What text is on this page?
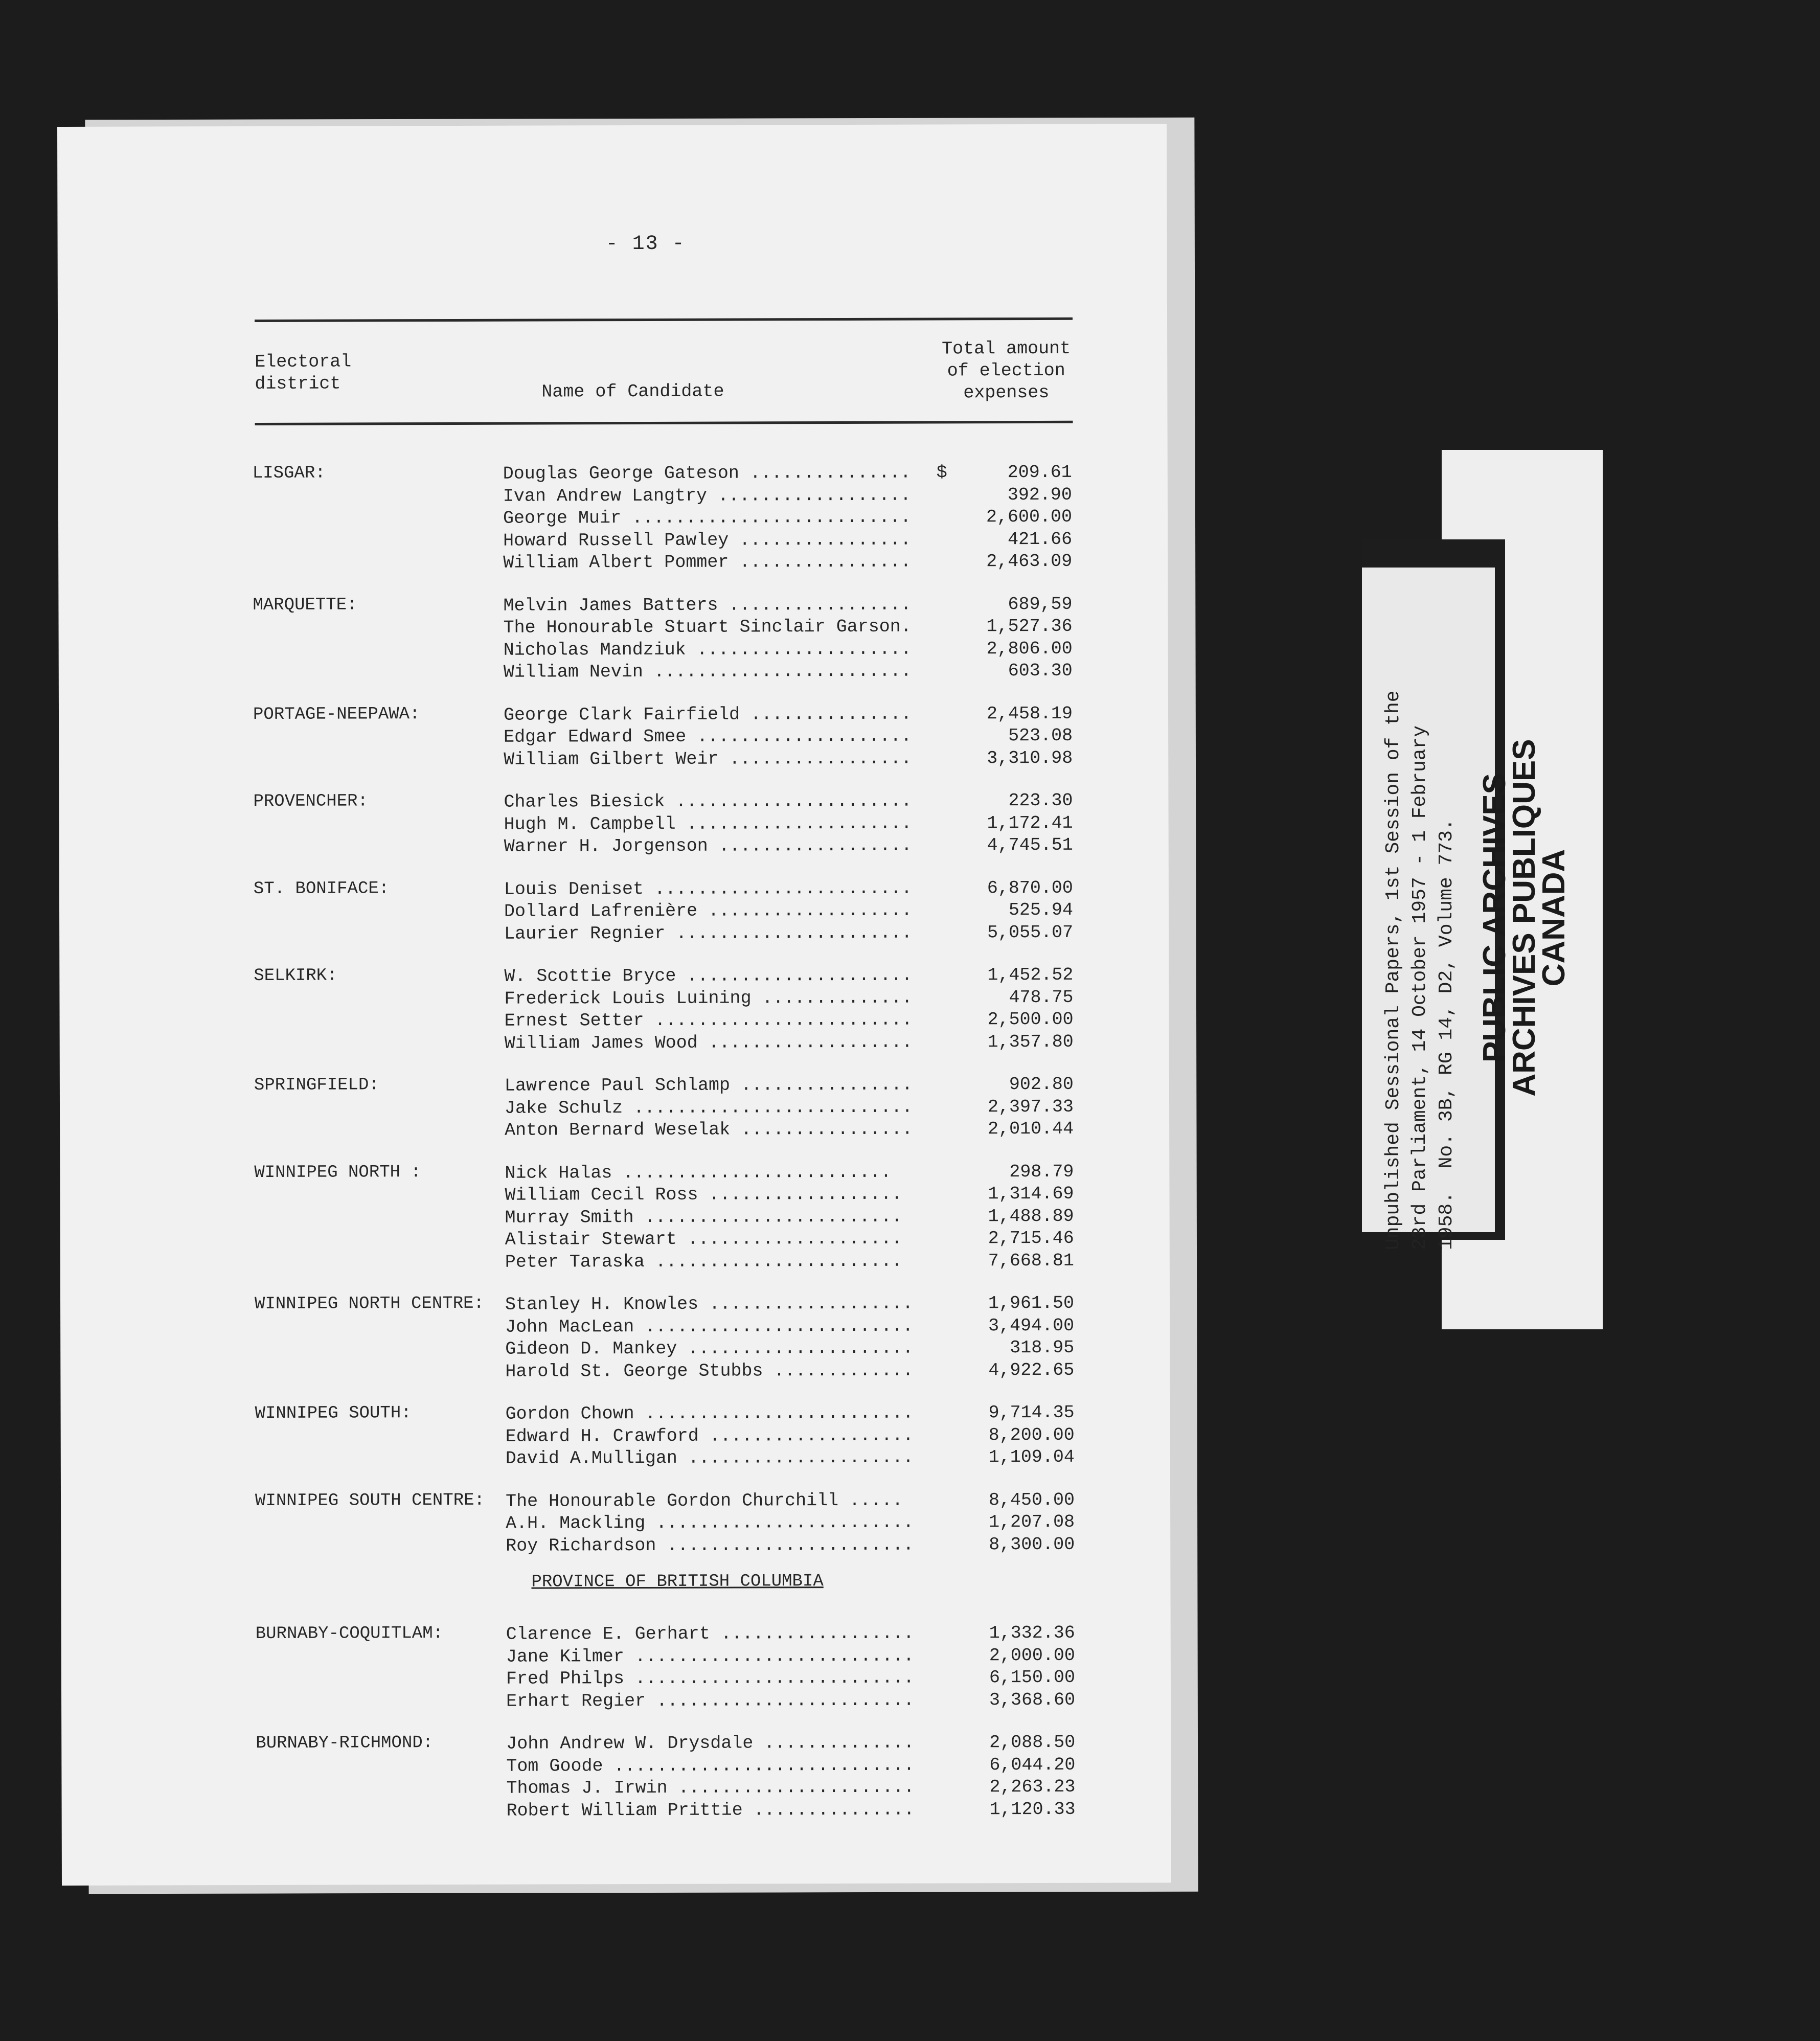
- 13 -
Electoral
district	Name of Candidate
Total amount
of election
expenses
LISGAR:	Douglas George Gateson ............... $	209.61
Ivan Andrew Langtry ..................	392.90
George Muir ..........................	2,600.00
Howard Russell Pawley ................	421.66
William Albert Pommer ................	2,463.09
MARQUETTE:	Melvin James Batters .................	689,59
The Honourable Stuart Sinclair Garson.	1,527.36
Nicholas Mandziuk ....................	2,806.00
William Nevin ........................	603.30
PORTAGE-NEEPAWA:	George Clark Fairfield ...............	2,458.19
Edgar Edward Smee ....................	523.08
William Gilbert Weir .................	3,310.98
PROVENCHER:	Charles Biesick ......................	223.30
Hugh M. Campbell .....................	1,172.41
Warner H. Jorgenson ..................	4,745.51
ST. BONIFACE:	Louis Deniset ........................	6,870.00
Dollard Lafrenière ...................	525.94
Laurier Regnier ......................	5,055.07
SELKIRK:	W. Scottie Bryce .....................	1,452.52
Frederick Louis Luining ..............	478.75
Ernest Setter ........................	2,500.00
William James Wood ...................	1,357.80
SPRINGFIELD:	Lawrence Paul Schlamp ................	902.80
Jake Schulz ..........................	2,397.33
Anton Bernard Weselak ................	2,010.44
WINNIPEG NORTH :	Nick Halas .........................	298.79
William Cecil Ross ..................	1,314.69
Murray Smith ........................	1,488.89
Alistair Stewart ....................	2,715.46
Peter Taraska .......................	7,668.81
WINNIPEG NORTH CENTRE: Stanley H. Knowles ...................	1,961.50
John MacLean .........................	3,494.00
Gideon D. Mankey .....................	318.95
Harold St. George Stubbs .............	4,922.65
WINNIPEG SOUTH:	Gordon Chown .........................	9,714.35
Edward H. Crawford ...................	8,200.00
David A.Mulligan .....................	1,109.04
WINNIPEG SOUTH CENTRE: The Honourable Gordon Churchill .....	8,450.00
A.H. Mackling ........................	1,207.08
Roy Richardson .......................	8,300.00
PROVINCE OF BRITISH COLUMBIA
BURNABY-COQUITLAM:	Clarence E. Gerhart ..................	1,332.36
Jane Kilmer ..........................	2,000.00
Fred Philps ..........................	6,150.00
Erhart Regier ........................	3,368.60
BURNABY-RICHMOND:	John Andrew W. Drysdale ..............	2,088.50
Tom Goode ............................	6,044.20
Thomas J. Irwin ......................	2,263.23
Robert William Prittie ...............	1,120.33
Unpublished Sessional Papers, 1st Session of the
23rd Parliament, 14 October 1957 - 1 February
1958.  No. 3B, RG 14, D2, Volume 773.
PUBLIC ARCHIVES
ARCHIVES PUBLIQUES
CANADA
